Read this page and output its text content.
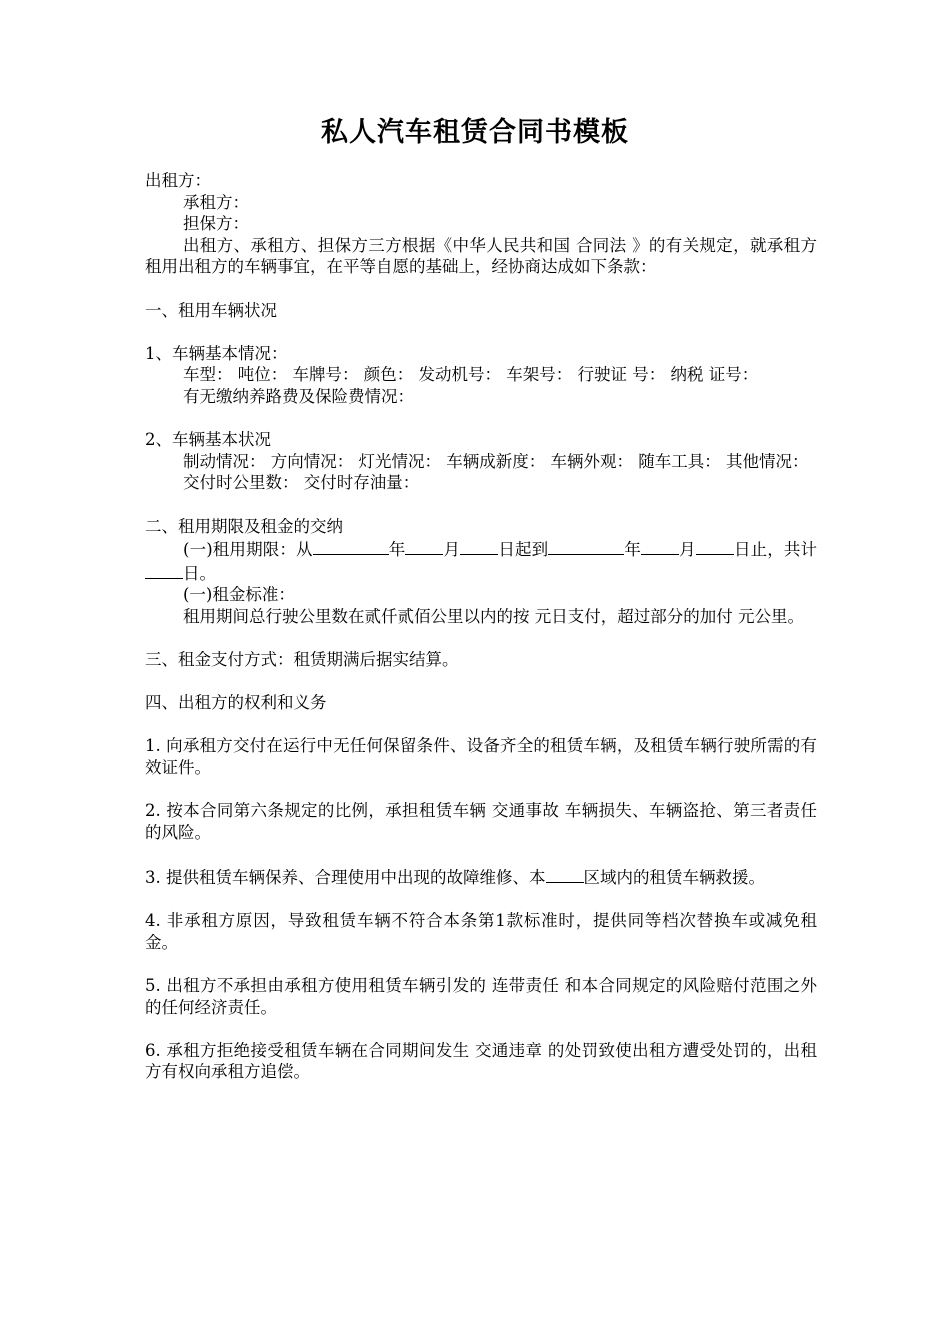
私人汽车租赁合同书模板

出租方：

承租方：

担保方：

出租方、承租方、担保方三方根据《中华人民共和国 合同法 》的有关规定，就承租方租用出租方的车辆事宜，在平等自愿的基础上，经协商达成如下条款：

一、租用车辆状况

1、车辆基本情况：

车型： 吨位： 车牌号： 颜色： 发动机号： 车架号： 行驶证 号： 纳税 证号：

有无缴纳养路费及保险费情况：

2、车辆基本状况

制动情况： 方向情况： 灯光情况： 车辆成新度： 车辆外观： 随车工具： 其他情况：

交付时公里数： 交付时存油量：

二、租用期限及租金的交纳

(一)租用期限：从	年 月 日起到	年 月 日止，共计日。

(一)租金标准：

租用期间总行驶公里数在贰仟贰佰公里以内的按 元日支付，超过部分的加付 元公里。

三、租金支付方式：租赁期满后据实结算。

四、出租方的权利和义务

1. 向承租方交付在运行中无任何保留条件、设备齐全的租赁车辆，及租赁车辆行驶所需的有效证件。

2. 按本合同第六条规定的比例，承担租赁车辆 交通事故 车辆损失、车辆盗抢、第三者责任的风险。

3. 提供租赁车辆保养、合理使用中出现的故障维修、本 区域内的租赁车辆救援。

4. 非承租方原因，导致租赁车辆不符合本条第1款标准时，提供同等档次替换车或减免租金。

5. 出租方不承担由承租方使用租赁车辆引发的 连带责任 和本合同规定的风险赔付范围之外的任何经济责任。

6. 承租方拒绝接受租赁车辆在合同期间发生 交通违章 的处罚致使出租方遭受处罚的，出租方有权向承租方追偿。
